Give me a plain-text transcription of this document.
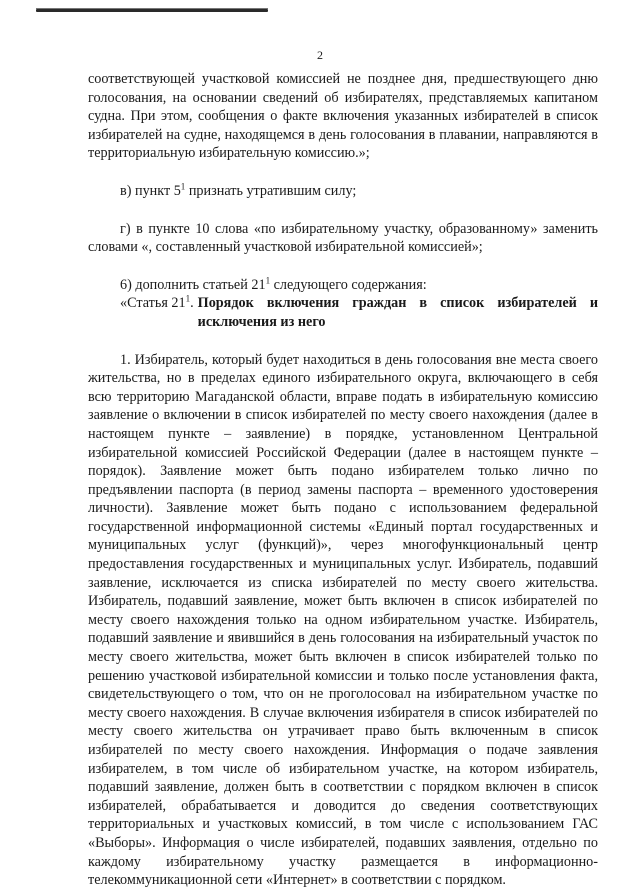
2

соответствующей участковой комиссией не позднее дня, предшествующего дню голосования, на основании сведений об избирателях, представляемых капитаном судна. При этом, сообщения о факте включения указанных избирателей в список избирателей на судне, находящемся в день голосования в плавании, направляются в территориальную избирательную комиссию.»;

в) пункт $5^1$ признать утратившим силу;

г) в пункте 10 слова «по избирательному участку, образованному» заменить словами «, составленный участковой избирательной комиссией»;

6) дополнить статьей $21^1$ следующего содержания:

«Статья $21^1$. Порядок включения граждан в список избирателей и исключения из него

1. Избиратель, который будет находиться в день голосования вне места своего жительства, но в пределах единого избирательного округа, включающего в себя всю территорию Магаданской области, вправе подать в избирательную комиссию заявление о включении в список избирателей по месту своего нахождения (далее в настоящем пункте – заявление) в порядке, установленном Центральной избирательной комиссией Российской Федерации (далее в настоящем пункте – порядок). Заявление может быть подано избирателем только лично по предъявлении паспорта (в период замены паспорта – временного удостоверения личности). Заявление может быть подано с использованием федеральной государственной информационной системы «Единый портал государственных и муниципальных услуг (функций)», через многофункциональный центр предоставления государственных и муниципальных услуг. Избиратель, подавший заявление, исключается из списка избирателей по месту своего жительства. Избиратель, подавший заявление, может быть включен в список избирателей по месту своего нахождения только на одном избирательном участке. Избиратель, подавший заявление и явившийся в день голосования на избирательный участок по месту своего жительства, может быть включен в список избирателей только по решению участковой избирательной комиссии и только после установления факта, свидетельствующего о том, что он не проголосовал на избирательном участке по месту своего нахождения. В случае включения избирателя в список избирателей по месту своего жительства он утрачивает право быть включенным в список избирателей по месту своего нахождения. Информация о подаче заявления избирателем, в том числе об избирательном участке, на котором избиратель, подавший заявление, должен быть в соответствии с порядком включен в список избирателей, обрабатывается и доводится до сведения соответствующих территориальных и участковых комиссий, в том числе с использованием ГАС «Выборы». Информация о числе избирателей, подавших заявления, отдельно по каждому избирательному участку размещается в информационно-телекоммуникационной сети «Интернет» в соответствии с порядком.
